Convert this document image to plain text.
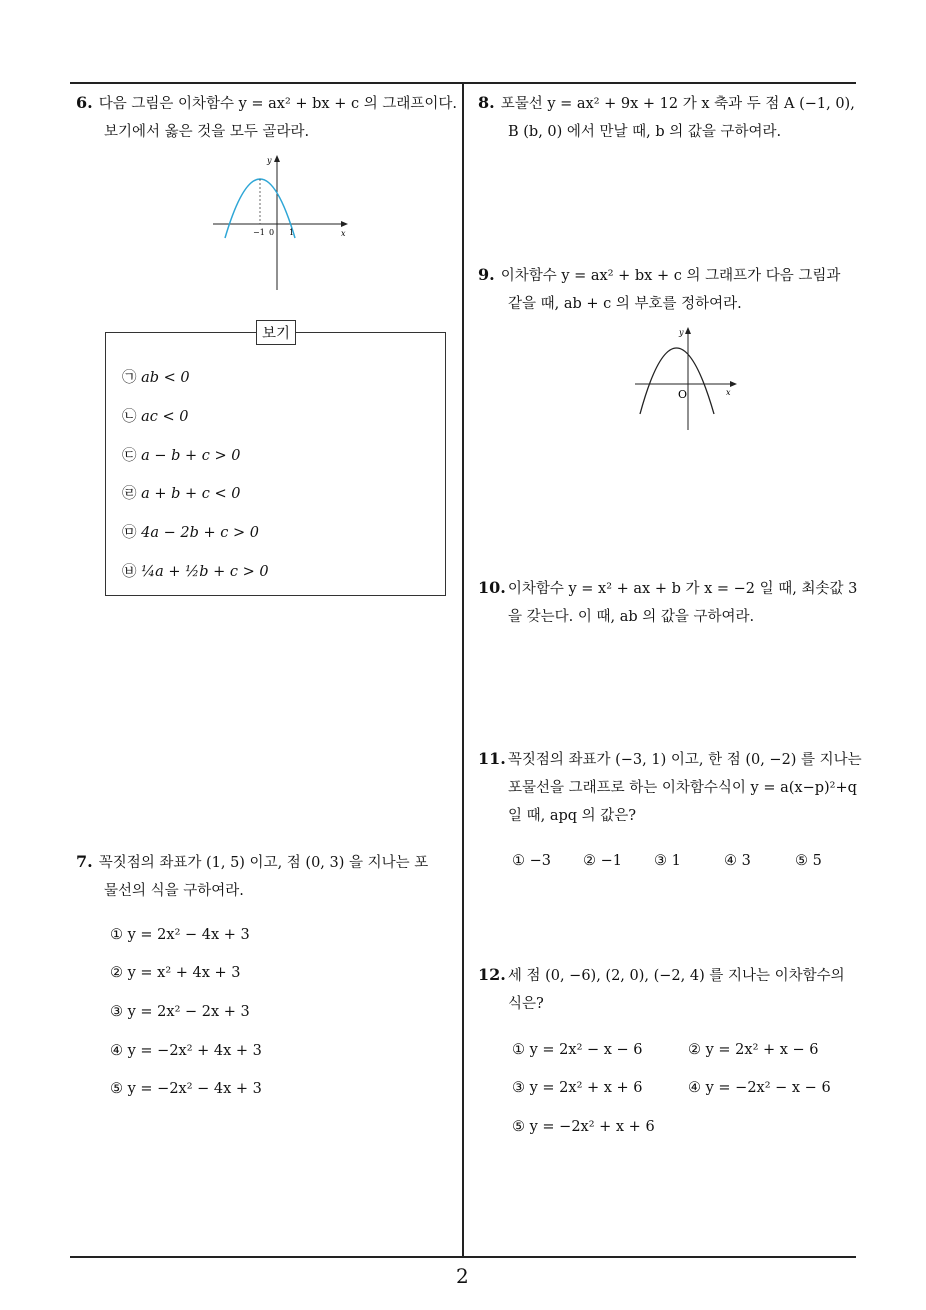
6. 다음 그림은 이차함수 y = ax² + bx + c 의 그래프이다.
보기에서 옳은 것을 모두 골라라.
y
x
−1 0 1
보기
㉠ ab < 0
㉡ ac < 0
㉢ a − b + c > 0
㉣ a + b + c < 0
㉤ 4a − 2b + c > 0
㉥ ¼a + ½b + c > 0
7. 꼭짓점의 좌표가 (1, 5) 이고, 점 (0, 3) 을 지나는 포
물선의 식을 구하여라.
① y = 2x² − 4x + 3
② y = x² + 4x + 3
③ y = 2x² − 2x + 3
④ y = −2x² + 4x + 3
⑤ y = −2x² − 4x + 3
8. 포물선 y = ax² + 9x + 12 가 x 축과 두 점 A (−1, 0),
B (b, 0) 에서 만날 때, b 의 값을 구하여라.
9. 이차함수 y = ax² + bx + c 의 그래프가 다음 그림과
같을 때, ab + c 의 부호를 정하여라.
y
x
O
10. 이차함수 y = x² + ax + b 가 x = −2 일 때, 최솟값 3
을 갖는다. 이 때, ab 의 값을 구하여라.
11. 꼭짓점의 좌표가 (−3, 1) 이고, 한 점 (0, −2) 를 지나는
포물선을 그래프로 하는 이차함수식이 y = a(x−p)²+q
일 때, apq 의 값은?
① −3 ② −1 ③ 1	④ 3	⑤ 5
12. 세 점 (0, −6), (2, 0), (−2, 4) 를 지나는 이차함수의
식은?
① y = 2x² − x − 6	② y = 2x² + x − 6
③ y = 2x² + x + 6	④ y = −2x² − x − 6
⑤ y = −2x² + x + 6
2
